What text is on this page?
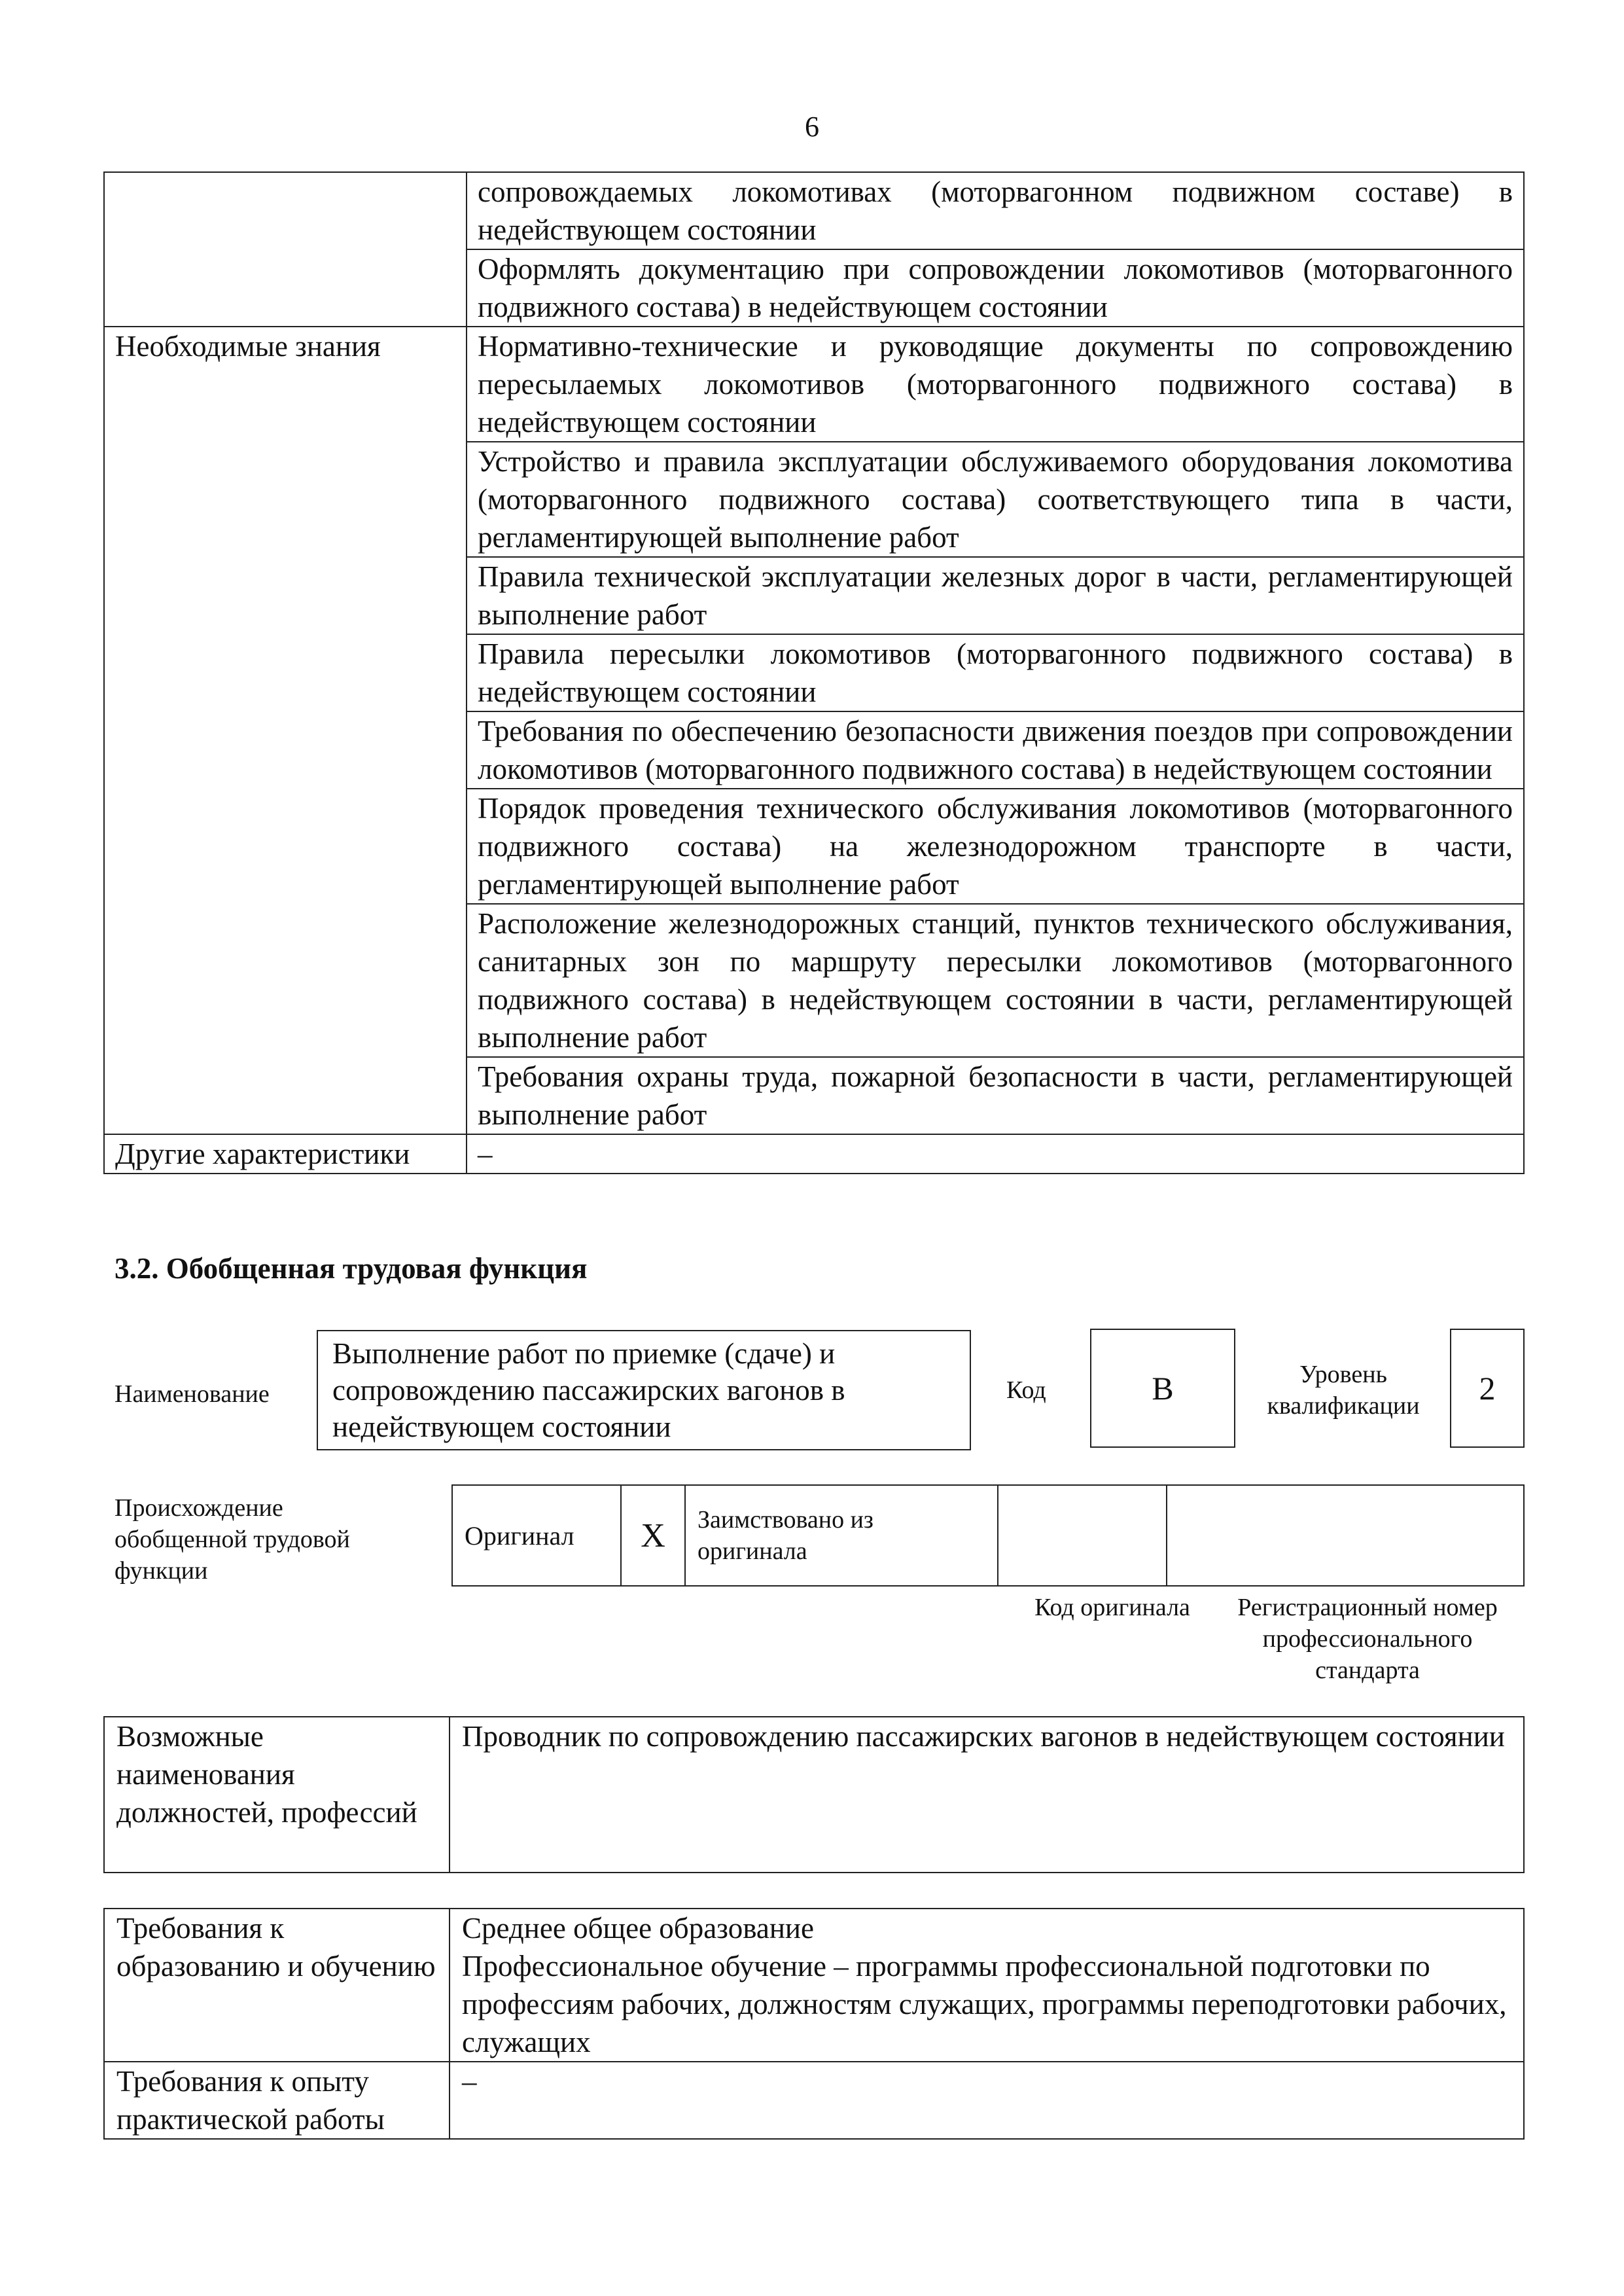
6
	сопровождаемых локомотивах (моторвагонном подвижном составе) в недействующем состоянии
	Оформлять документацию при сопровождении локомотивов (моторвагонного подвижного состава) в недействующем состоянии
Необходимые знания	Нормативно-технические и руководящие документы по сопровождению пересылаемых локомотивов (моторвагонного подвижного состава) в недействующем состоянии
	Устройство и правила эксплуатации обслуживаемого оборудования локомотива (моторвагонного подвижного состава) соответствующего типа в части, регламентирующей выполнение работ
	Правила технической эксплуатации железных дорог в части, регламентирующей выполнение работ
	Правила пересылки локомотивов (моторвагонного подвижного состава) в недействующем состоянии
	Требования по обеспечению безопасности движения поездов при сопровождении локомотивов (моторвагонного подвижного состава) в недействующем состоянии
	Порядок проведения технического обслуживания локомотивов (моторвагонного подвижного состава) на железнодорожном транспорте в части, регламентирующей выполнение работ
	Расположение железнодорожных станций, пунктов технического обслуживания, санитарных зон по маршруту пересылки локомотивов (моторвагонного подвижного состава) в недействующем состоянии в части, регламентирующей выполнение работ
	Требования охраны труда, пожарной безопасности в части, регламентирующей выполнение работ
Другие характеристики	–
3.2. Обобщенная трудовая функция
Наименование
Выполнение работ по приемке (сдаче) и сопровождению пассажирских вагонов в недействующем состоянии
Код	В	Уровень квалификации	2
Происхождение обобщенной трудовой функции
Оригинал	Х	Заимствовано из оригинала		
Код оригинала	Регистрационный номер профессионального стандарта
Возможные наименования должностей, профессий	Проводник по сопровождению пассажирских вагонов в недействующем состоянии
Требования к образованию и обучению	Среднее общее образование
Профессиональное обучение – программы профессиональной подготовки по профессиям рабочих, должностям служащих, программы переподготовки рабочих, служащих

Требования к опыту практической работы	–
